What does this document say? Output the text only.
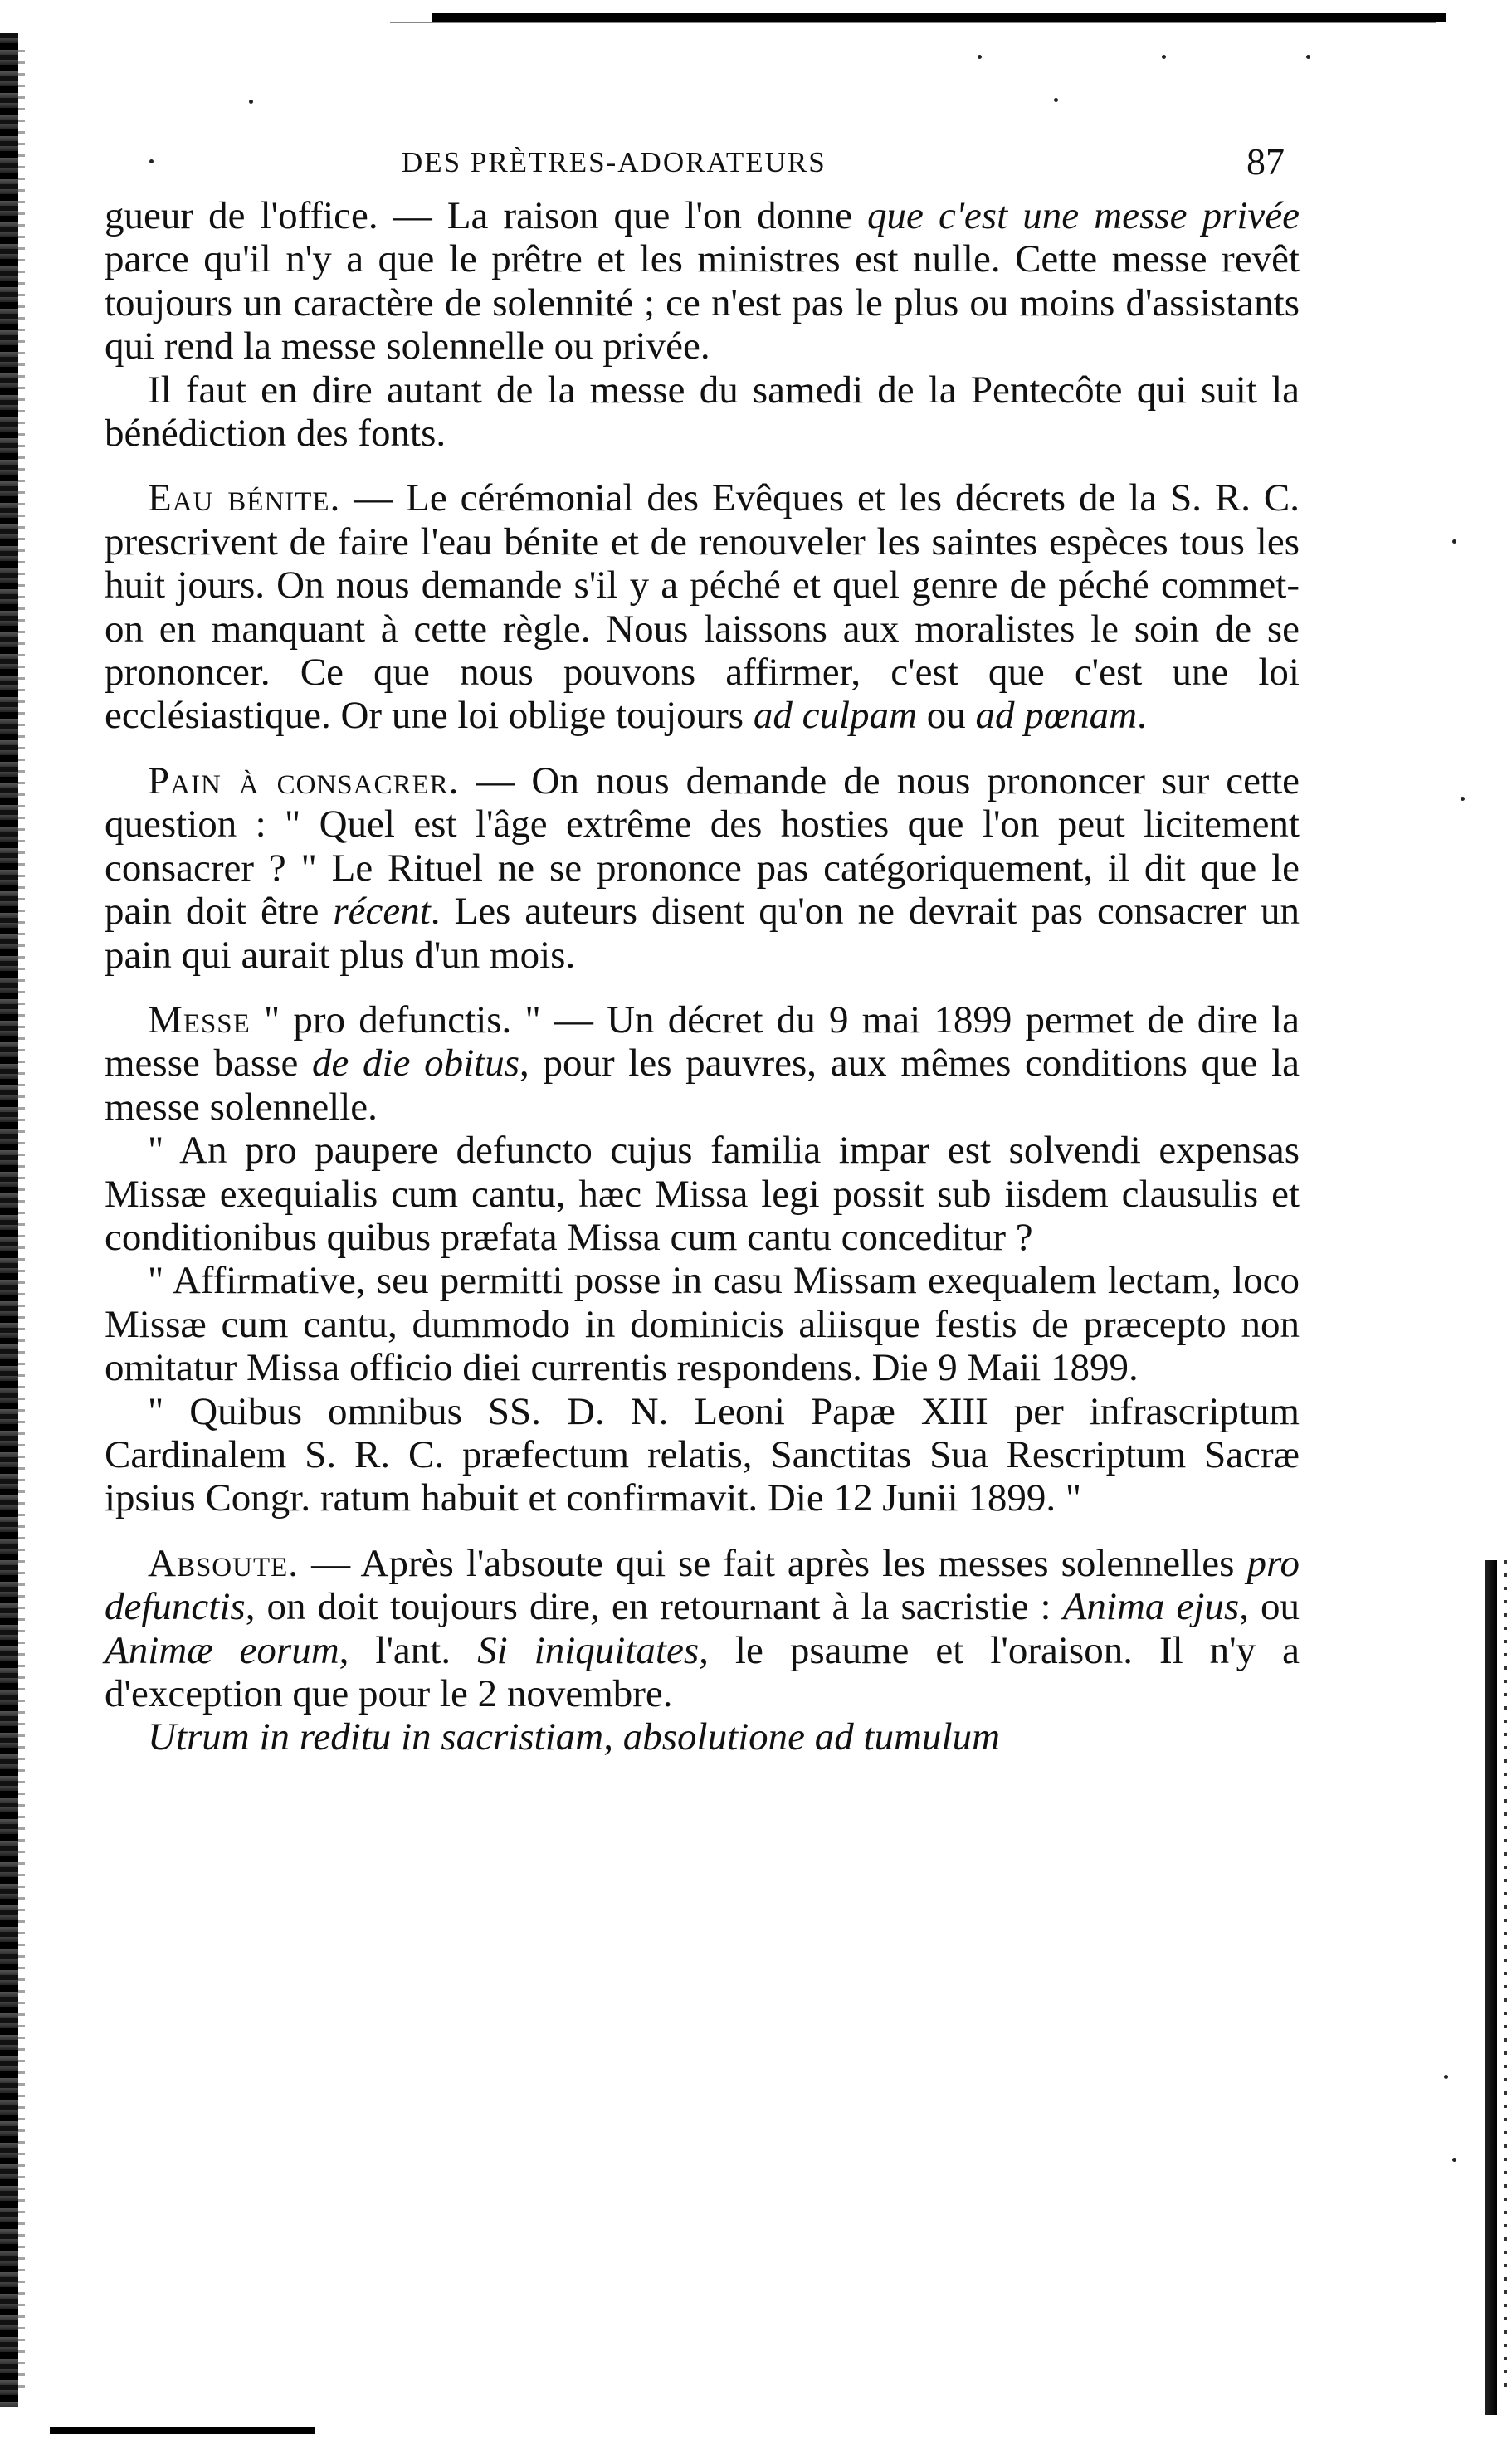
DES PRÈTRES-ADORATEURS	87

gueur de l'office. — La raison que l'on donne que c'est une messe privée parce qu'il n'y a que le prêtre et les ministres est nulle. Cette messe revêt toujours un caractère de solennité ; ce n'est pas le plus ou moins d'assistants qui rend la messe solennelle ou privée.

Il faut en dire autant de la messe du samedi de la Pentecôte qui suit la bénédiction des fonts.

Eau bénite. — Le cérémonial des Evêques et les décrets de la S. R. C. prescrivent de faire l'eau bénite et de renouveler les saintes espèces tous les huit jours. On nous demande s'il y a péché et quel genre de péché commet-on en manquant à cette règle. Nous laissons aux moralistes le soin de se prononcer. Ce que nous pouvons affirmer, c'est que c'est une loi ecclésiastique. Or une loi oblige toujours ad culpam ou ad pœnam.

Pain à consacrer. — On nous demande de nous prononcer sur cette question : " Quel est l'âge extrême des hosties que l'on peut licitement consacrer ? " Le Rituel ne se prononce pas catégoriquement, il dit que le pain doit être récent. Les auteurs disent qu'on ne devrait pas consacrer un pain qui aurait plus d'un mois.

Messe " pro defunctis. " — Un décret du 9 mai 1899 permet de dire la messe basse de die obitus, pour les pauvres, aux mêmes conditions que la messe solennelle.

" An pro paupere defuncto cujus familia impar est solvendi expensas Missæ exequialis cum cantu, hæc Missa legi possit sub iisdem clausulis et conditionibus quibus præfata Missa cum cantu conceditur ?

" Affirmative, seu permitti posse in casu Missam exequalem lectam, loco Missæ cum cantu, dummodo in dominicis aliisque festis de præcepto non omitatur Missa officio diei currentis respondens. Die 9 Maii 1899.

" Quibus omnibus SS. D. N. Leoni Papæ XIII per infrascriptum Cardinalem S. R. C. præfectum relatis, Sanctitas Sua Rescriptum Sacræ ipsius Congr. ratum habuit et confirmavit. Die 12 Junii 1899. "

Absoute. — Après l'absoute qui se fait après les messes solennelles pro defunctis, on doit toujours dire, en retournant à la sacristie : Anima ejus, ou Animæ eorum, l'ant. Si iniquitates, le psaume et l'oraison. Il n'y a d'exception que pour le 2 novembre.

Utrum in reditu in sacristiam, absolutione ad tumulum
